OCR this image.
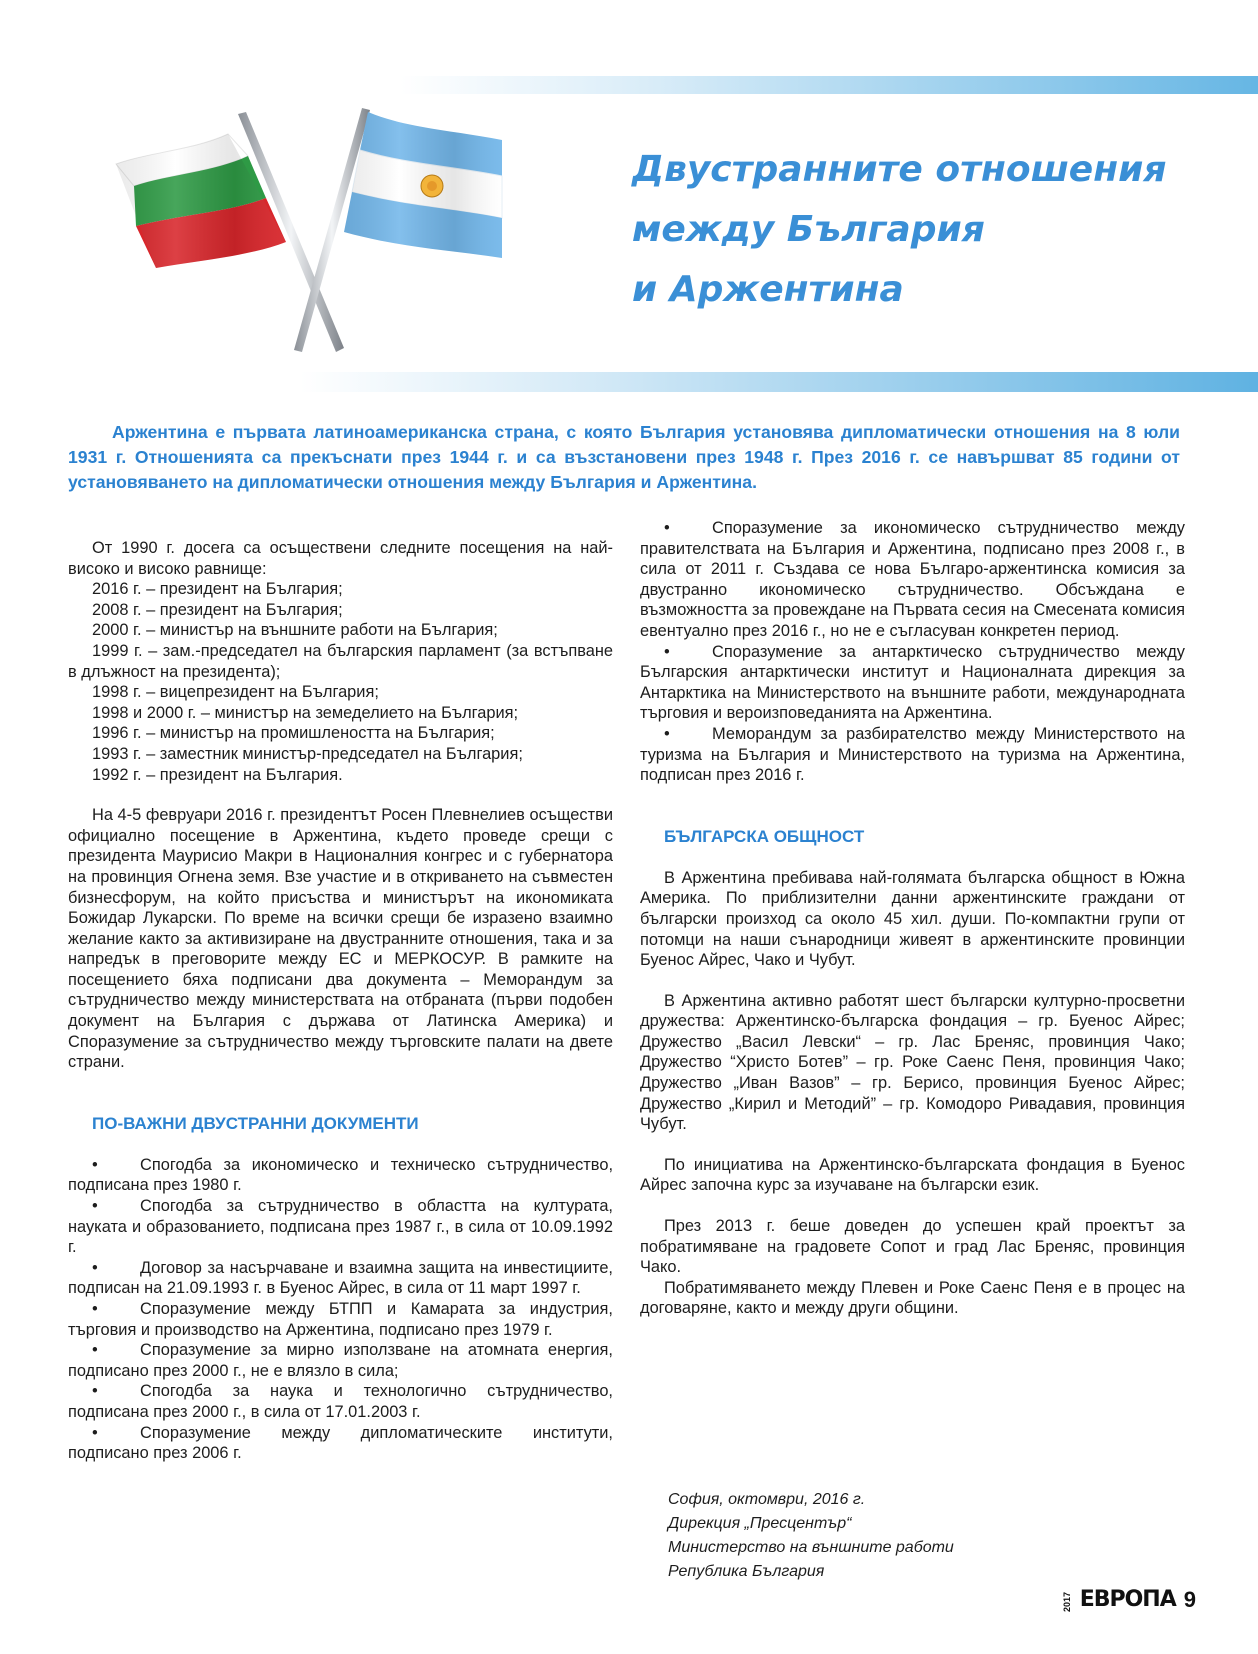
Двустранните отношения
между България
и Аржентина

Аржентина е първата латиноамериканска страна, с която България установява дипломатически отношения на 8 юли 1931 г. Отношенията са прекъснати през 1944 г. и са възстановени през 1948 г. През 2016 г. се навършват 85 години от установяването на дипломатически отношения между България и Аржентина.

От 1990 г. досега са осъществени следните посещения на най-високо и високо равнище:

2016 г. – президент на България;

2008 г. – президент на България;

2000 г. – министър на външните работи на България;

1999 г. – зам.-председател на българския парламент (за встъпване в длъжност на президента);

1998 г. – вицепрезидент на България;

1998 и 2000 г. – министър на земеделието на България;

1996 г. – министър на промишлеността на България;

1993 г. – заместник министър-председател на България;

1992 г. – президент на България.

На 4-5 февруари 2016 г. президентът Росен Плевнелиев осъществи официално посещение в Аржентина, където проведе срещи с президента Маурисио Макри в Националния конгрес и с губернатора на провинция Огнена земя. Взе участие и в откриването на съвместен бизнесфорум, на който присъства и министърът на икономиката Божидар Лукарски. По време на всички срещи бе изразено взаимно желание както за активизиране на двустранните отношения, така и за напредък в преговорите между ЕС и МЕРКОСУР. В рамките на посещението бяха подписани два документа – Меморандум за сътрудничество между министерствата на отбраната (първи подобен документ на България с държава от Латинска Америка) и Споразумение за сътрудничество между търговските палати на двете страни.

ПО-ВАЖНИ ДВУСТРАННИ ДОКУМЕНТИ

•	Спогодба за икономическо и техническо сътрудничество, подписана през 1980 г.

•	Спогодба за сътрудничество в областта на културата, науката и образованието, подписана през 1987 г., в сила от 10.09.1992 г.

•	Договор за насърчаване и взаимна защита на инвестициите, подписан на 21.09.1993 г. в Буенос Айрес, в сила от 11 март 1997 г.

•	Споразумение между БТПП и Камарата за индустрия, търговия и производство на Аржентина, подписано през 1979 г.

•	Споразумение за мирно използване на атомната енергия, подписано през 2000 г., не е влязло в сила;

•	Спогодба за наука и технологично сътрудничество, подписана през 2000 г., в сила от 17.01.2003 г.

•	Споразумение между дипломатическите институти, подписано през 2006 г.

•	Споразумение за икономическо сътрудничество между правителствата на България и Аржентина, подписано през 2008 г., в сила от 2011 г. Създава се нова Българо-аржентинска комисия за двустранно икономическо сътрудничество. Обсъждана е възможността за провеждане на Първата сесия на Смесената комисия евентуално през 2016 г., но не е съгласуван конкретен период.

•	Споразумение за антарктическо сътрудничество между Българския антарктически институт и Националната дирекция за Антарктика на Министерството на външните работи, международната търговия и вероизповеданията на Аржентина.

•	Меморандум за разбирателство между Министерството на туризма на България и Министерството на туризма на Аржентина, подписан през 2016 г.

БЪЛГАРСКА ОБЩНОСТ

В Аржентина пребивава най-голямата българска общност в Южна Америка. По приблизителни данни аржентинските граждани от български произход са около 45 хил. души. По-компактни групи от потомци на наши сънародници живеят в аржентинските провинции Буенос Айрес, Чако и Чубут.

В Аржентина активно работят шест български културно-просветни дружества: Аржентинско-българска фондация – гр. Буенос Айрес; Дружество „Васил Левски“ – гр. Лас Бреняс, провинция Чако; Дружество “Христо Ботев” – гр. Роке Саенс Пеня, провинция Чако; Дружество „Иван Вазов” – гр. Берисо, провинция Буенос Айрес; Дружество „Кирил и Методий” – гр. Комодоро Ривадавия, провинция Чубут.

По инициатива на Аржентинско-българската фондация в Буенос Айрес започна курс за изучаване на български език.

През 2013 г. беше доведен до успешен край проектът за побратимяване на градовете Сопот и град Лас Бреняс, провинция Чако.

Побратимяването между Плевен и Роке Саенс Пеня е в процес на договаряне, както и между други общини.

София, октомври, 2016 г.
Дирекция „Пресцентър“
Министерство на външните работи
Република България

2017 ЕВРОПА 9
